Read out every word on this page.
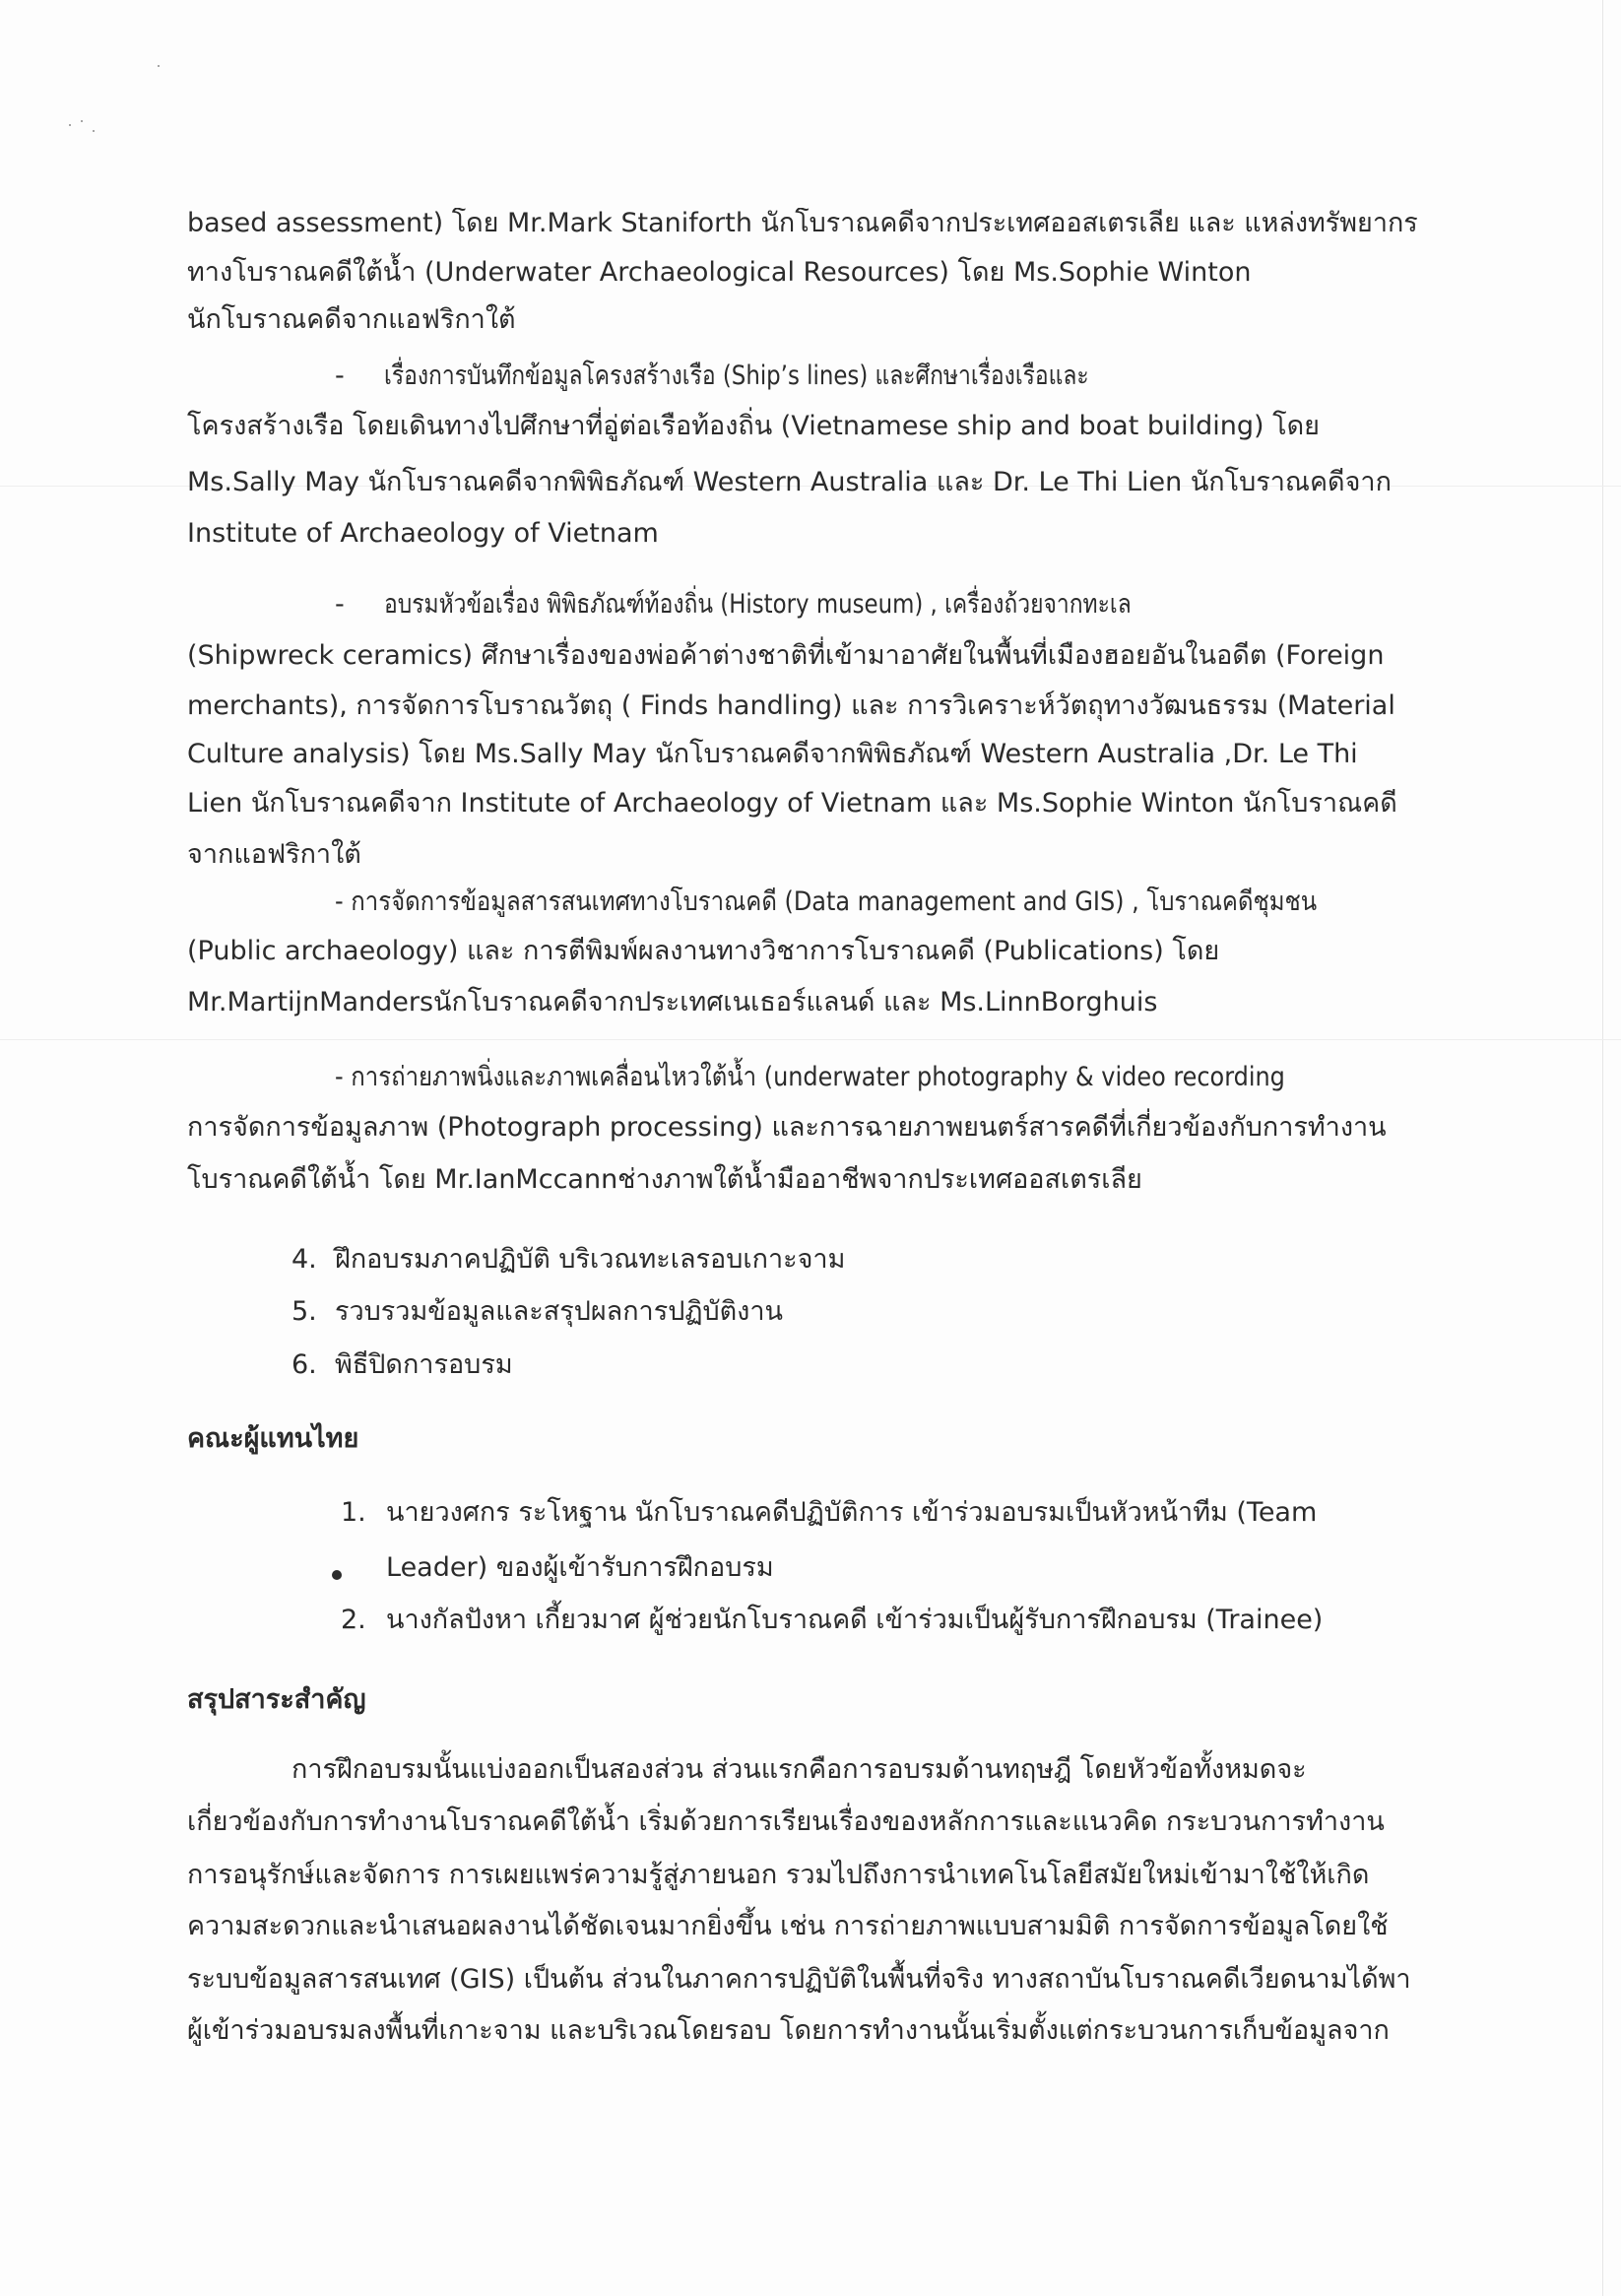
based assessment) โดย Mr.Mark Staniforth นักโบราณคดีจากประเทศออสเตรเลีย และ แหล่งทรัพยากร
ทางโบราณคดีใต้น้ำ (Underwater Archaeological Resources) โดย Ms.Sophie Winton
นักโบราณคดีจากแอฟริกาใต้
- เรื่องการบันทึกข้อมูลโครงสร้างเรือ (Ship’s lines) และศึกษาเรื่องเรือและ
โครงสร้างเรือ โดยเดินทางไปศึกษาที่อู่ต่อเรือท้องถิ่น (Vietnamese ship and boat building) โดย
Ms.Sally May นักโบราณคดีจากพิพิธภัณฑ์ Western Australia และ Dr. Le Thi Lien นักโบราณคดีจาก
Institute of Archaeology of Vietnam
- อบรมหัวข้อเรื่อง พิพิธภัณฑ์ท้องถิ่น (History museum) , เครื่องถ้วยจากทะเล
(Shipwreck ceramics) ศึกษาเรื่องของพ่อค้าต่างชาติที่เข้ามาอาศัยในพื้นที่เมืองฮอยอันในอดีต (Foreign
merchants), การจัดการโบราณวัตถุ ( Finds handling) และ การวิเคราะห์วัตถุทางวัฒนธรรม (Material
Culture analysis) โดย Ms.Sally May นักโบราณคดีจากพิพิธภัณฑ์ Western Australia ,Dr. Le Thi
Lien นักโบราณคดีจาก Institute of Archaeology of Vietnam และ Ms.Sophie Winton นักโบราณคดี
จากแอฟริกาใต้
- การจัดการข้อมูลสารสนเทศทางโบราณคดี (Data management and GIS) , โบราณคดีชุมชน
(Public archaeology) และ การตีพิมพ์ผลงานทางวิชาการโบราณคดี (Publications) โดย
Mr.MartijnMandersนักโบราณคดีจากประเทศเนเธอร์แลนด์ และ Ms.LinnBorghuis
- การถ่ายภาพนิ่งและภาพเคลื่อนไหวใต้น้ำ (underwater photography & video recording
การจัดการข้อมูลภาพ (Photograph processing) และการฉายภาพยนตร์สารคดีที่เกี่ยวข้องกับการทำงาน
โบราณคดีใต้น้ำ โดย Mr.IanMccannช่างภาพใต้น้ำมืออาชีพจากประเทศออสเตรเลีย
4. ฝึกอบรมภาคปฏิบัติ บริเวณทะเลรอบเกาะจาม
5. รวบรวมข้อมูลและสรุปผลการปฏิบัติงาน
6. พิธีปิดการอบรม
คณะผู้แทนไทย
1. นายวงศกร ระโหฐาน นักโบราณคดีปฏิบัติการ เข้าร่วมอบรมเป็นหัวหน้าทีม (Team
Leader) ของผู้เข้ารับการฝึกอบรม
2. นางกัลปังหา เกี้ยวมาศ ผู้ช่วยนักโบราณคดี เข้าร่วมเป็นผู้รับการฝึกอบรม (Trainee)
สรุปสาระสำคัญ
การฝึกอบรมนั้นแบ่งออกเป็นสองส่วน ส่วนแรกคือการอบรมด้านทฤษฎี โดยหัวข้อทั้งหมดจะ
เกี่ยวข้องกับการทำงานโบราณคดีใต้น้ำ เริ่มด้วยการเรียนเรื่องของหลักการและแนวคิด กระบวนการทำงาน
การอนุรักษ์และจัดการ การเผยแพร่ความรู้สู่ภายนอก รวมไปถึงการนำเทคโนโลยีสมัยใหม่เข้ามาใช้ให้เกิด
ความสะดวกและนำเสนอผลงานได้ชัดเจนมากยิ่งขึ้น เช่น การถ่ายภาพแบบสามมิติ การจัดการข้อมูลโดยใช้
ระบบข้อมูลสารสนเทศ (GIS) เป็นต้น ส่วนในภาคการปฏิบัติในพื้นที่จริง ทางสถาบันโบราณคดีเวียดนามได้พา
ผู้เข้าร่วมอบรมลงพื้นที่เกาะจาม และบริเวณโดยรอบ โดยการทำงานนั้นเริ่มตั้งแต่กระบวนการเก็บข้อมูลจาก
